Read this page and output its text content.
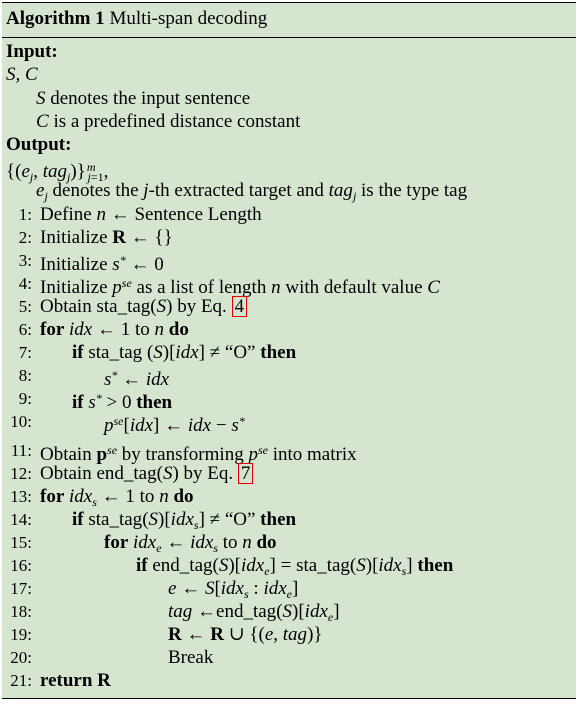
Algorithm 1 Multi-span decoding
Input:
S, C
S denotes the input sentence
C is a predefined distance constant
Output:
{($e_j$, tag$_j$)}$^m_{j=1}$,
$e_j$ denotes the j-th extracted target and tag$_j$ is the type tag
1: Define n ← Sentence Length
2: Initialize R ← {}
3: Initialize s* ← 0
4: Initialize $p^{se}$ as a list of length n with default value C
5: Obtain sta_tag(S) by Eq. 4
6: for idx ← 1 to n do
7: if sta_tag (S)[idx] ≠ “O” then
8:	s* ← idx
9: if s* > 0 then
10:	$p^{se}[idx]$ ← idx − s*
11: Obtain $p^{se}$ by transforming $p^{se}$ into matrix
12: Obtain end_tag(S) by Eq. 7
13: for idx$_s$ ← 1 to n do
14: if sta_tag(S)[idx$_s$] ≠ “O” then
15:	for idx$_e$ ← idx$_s$ to n do
16:	if end_tag(S)[idx$_e$] = sta_tag(S)[idx$_s$] then
17:	e ← S[idx$_s$ : idx$_e$]
18:	tag ←end_tag(S)[idx$_e$]
19:	R ← R ∪ {(e, tag)}
20:	Break
21: return R
